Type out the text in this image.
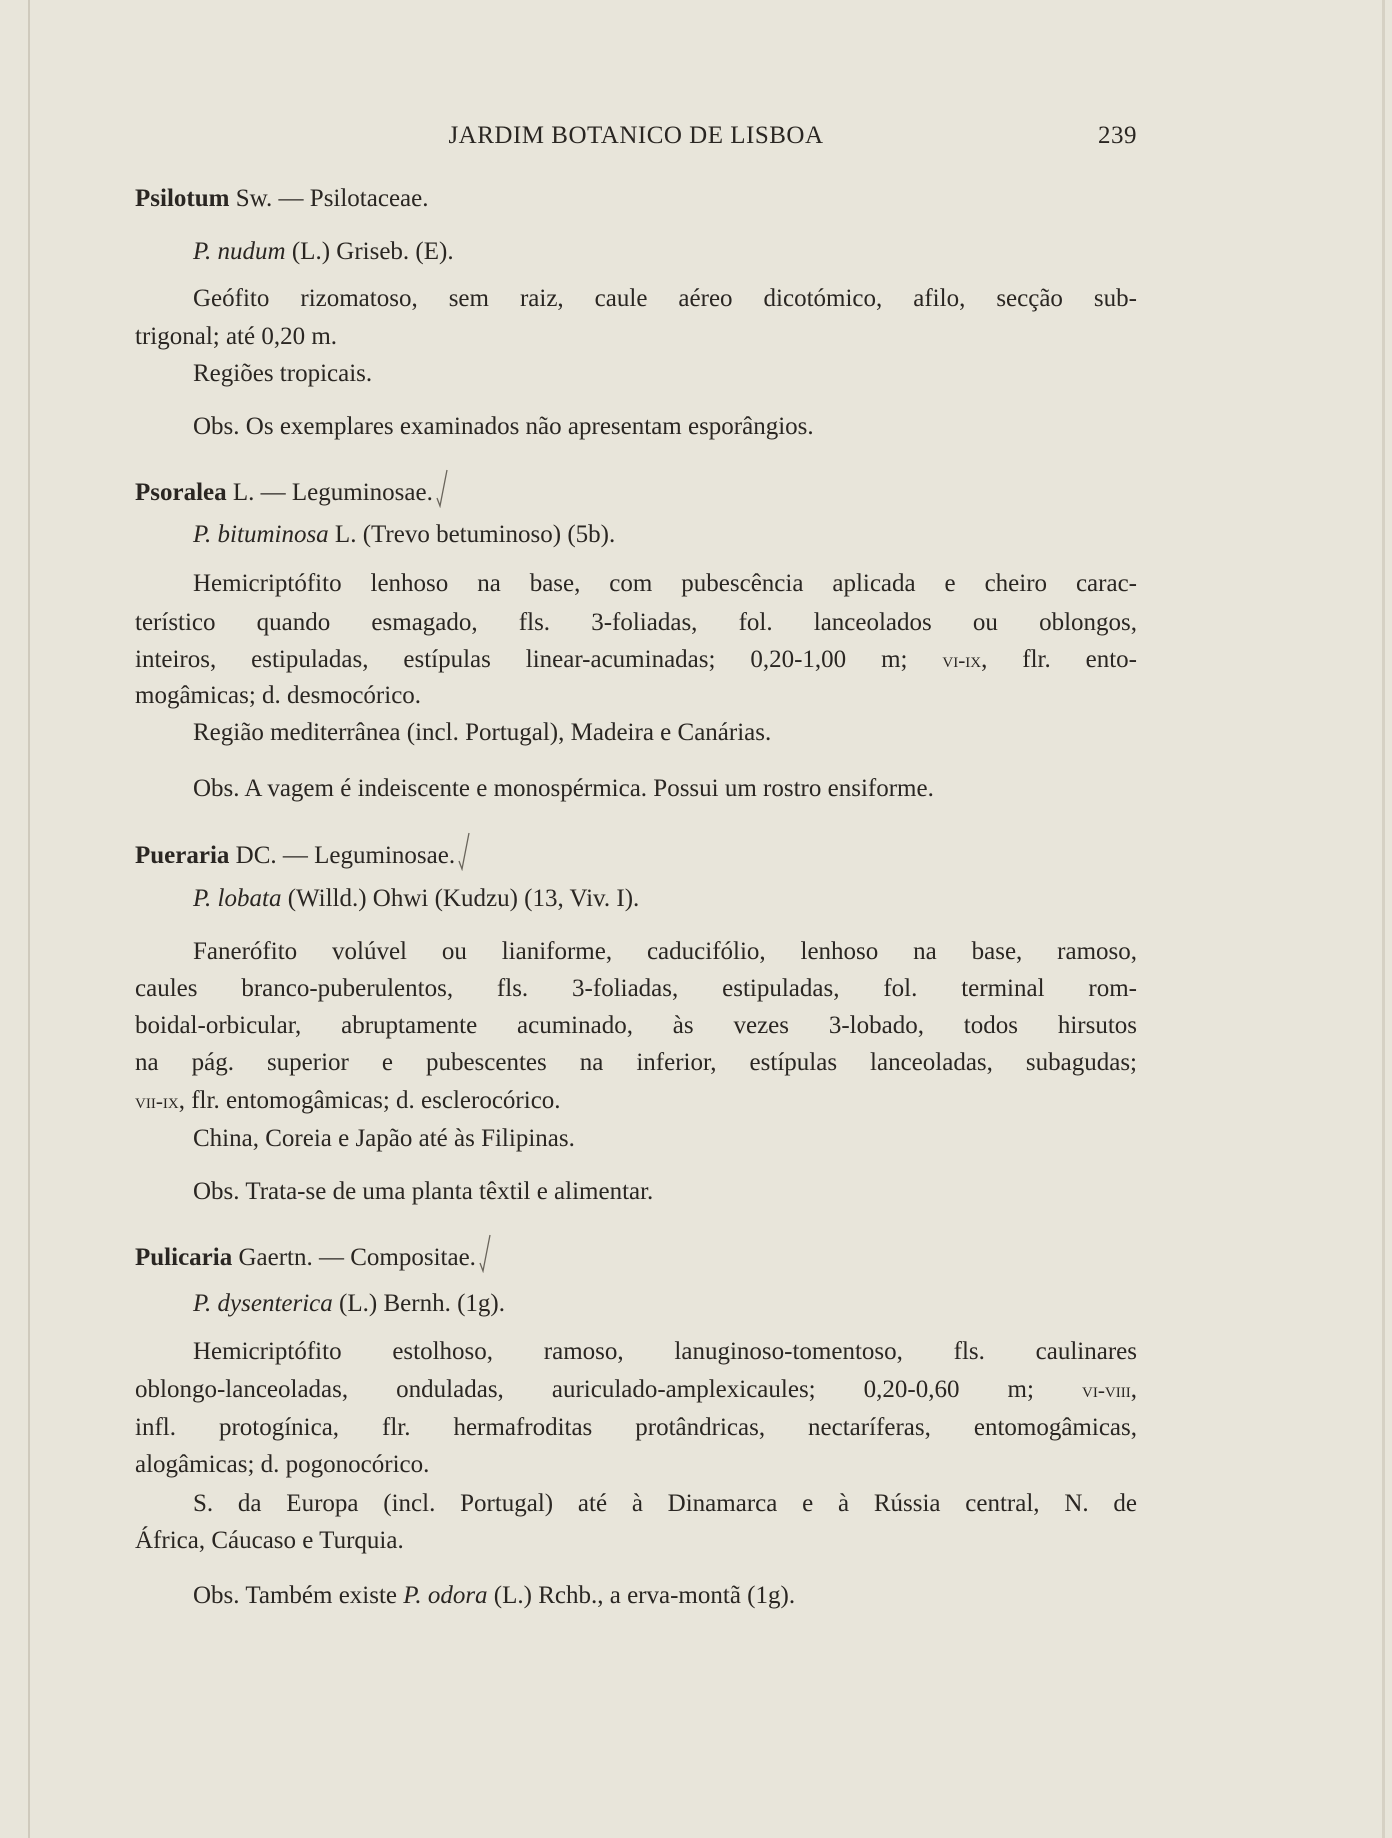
JARDIM BOTANICO DE LISBOA	239
Psilotum Sw. — Psilotaceae.
P. nudum (L.) Griseb. (E).
Geófito rizomatoso, sem raiz, caule aéreo dicotómico, afilo, secção sub-
trigonal; até 0,20 m.
Regiões tropicais.
Obs. Os exemplares examinados não apresentam esporângios.
Psoralea L. — Leguminosae.
P. bituminosa L. (Trevo betuminoso) (5b).
Hemicriptófito lenhoso na base, com pubescência aplicada e cheiro carac-
terístico quando esmagado, fls. 3-foliadas, fol. lanceolados ou oblongos,
inteiros, estipuladas, estípulas linear-acuminadas; 0,20-1,00 m; vi-ix, flr. ento-
mogâmicas; d. desmocórico.
Região mediterrânea (incl. Portugal), Madeira e Canárias.
Obs. A vagem é indeiscente e monospérmica. Possui um rostro ensiforme.
Pueraria DC. — Leguminosae.
P. lobata (Willd.) Ohwi (Kudzu) (13, Viv. I).
Fanerófito volúvel ou lianiforme, caducifólio, lenhoso na base, ramoso,
caules branco-puberulentos, fls. 3-foliadas, estipuladas, fol. terminal rom-
boidal-orbicular, abruptamente acuminado, às vezes 3-lobado, todos hirsutos
na pág. superior e pubescentes na inferior, estípulas lanceoladas, subagudas;
vii-ix, flr. entomogâmicas; d. esclerocórico.
China, Coreia e Japão até às Filipinas.
Obs. Trata-se de uma planta têxtil e alimentar.
Pulicaria Gaertn. — Compositae.
P. dysenterica (L.) Bernh. (1g).
Hemicriptófito estolhoso, ramoso, lanuginoso-tomentoso, fls. caulinares
oblongo-lanceoladas, onduladas, auriculado-amplexicaules; 0,20-0,60 m; vi-viii,
infl. protogínica, flr. hermafroditas protândricas, nectaríferas, entomogâmicas,
alogâmicas; d. pogonocórico.
S. da Europa (incl. Portugal) até à Dinamarca e à Rússia central, N. de
África, Cáucaso e Turquia.
Obs. Também existe P. odora (L.) Rchb., a erva-montã (1g).
